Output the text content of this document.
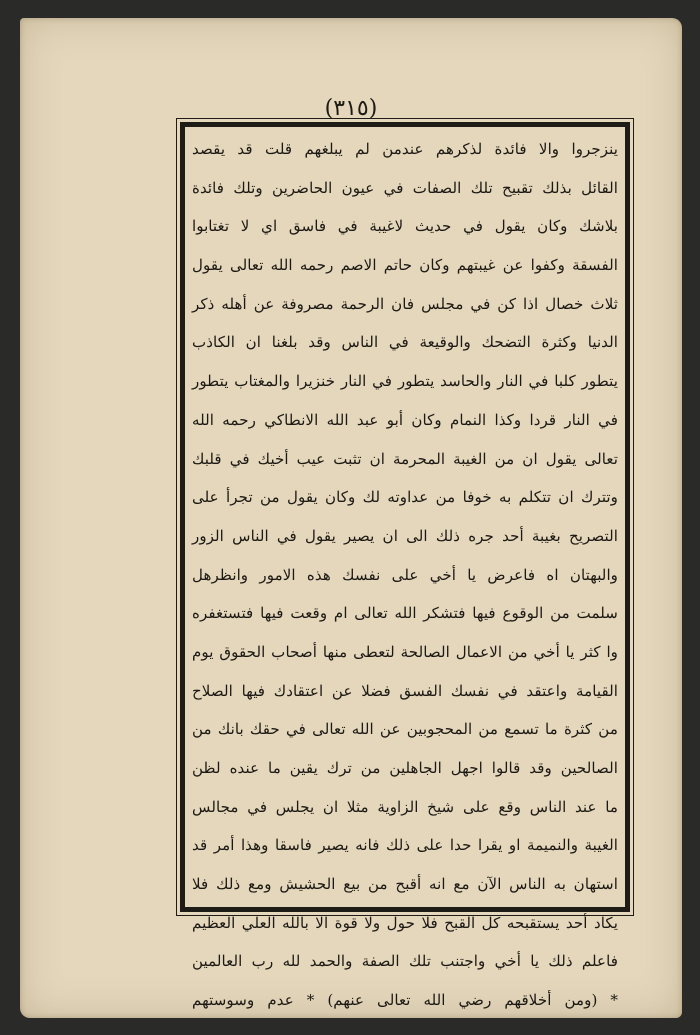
(٣١٥)
ينزجروا والا فائدة لذكرهم عندمن لم يبلغهم قلت قد يقصد
القائل بذلك تقبيح تلك الصفات في عيون الحاضرين وتلك فائدة
بلاشك وكان يقول في حديث لاغيبة في فاسق اي لا تغتابوا
الفسقة وكفوا عن غيبتهم وكان حاتم الاصم رحمه الله تعالى يقول
ثلاث خصال اذا كن في مجلس فان الرحمة مصروفة عن أهله ذكر
الدنيا وكثرة التضحك والوقيعة في الناس وقد بلغنا ان الكاذب
يتطور كلبا في النار والحاسد يتطور في النار خنزيرا والمغتاب يتطور
في النار قردا وكذا النمام وكان أبو عبد الله الانطاكي رحمه الله
تعالى يقول ان من الغيبة المحرمة ان تثبت عيب أخيك في قلبك
وتترك ان تتكلم به خوفا من عداوته لك وكان يقول من تجرأ على
التصريح بغيبة أحد جره ذلك الى ان يصير يقول في الناس الزور
والبهتان اه فاعرض يا أخي على نفسك هذه الامور وانظرهل
سلمت من الوقوع فيها فتشكر الله تعالى ام وقعت فيها فتستغفره
وا كثر يا أخي من الاعمال الصالحة لتعطى منها أصحاب الحقوق يوم
القيامة واعتقد في نفسك الفسق فضلا عن اعتقادك فيها الصلاح
من كثرة ما تسمع من المحجوبين عن الله تعالى في حقك بانك من
الصالحين وقد قالوا اجهل الجاهلين من ترك يقين ما عنده لظن
ما عند الناس وقع على شيخ الزاوية مثلا ان يجلس في مجالس
الغيبة والنميمة او يقرا حدا على ذلك فانه يصير فاسقا وهذا أمر قد
استهان به الناس الآن مع انه أقبح من بيع الحشيش ومع ذلك فلا
يكاد أحد يستقبحه كل القبح فلا حول ولا قوة الا بالله العلي العظيم
فاعلم ذلك يا أخي واجتنب تلك الصفة والحمد لله رب العالمين
* (ومن أخلاقهم رضي الله تعالى عنهم) * عدم وسوستهم
